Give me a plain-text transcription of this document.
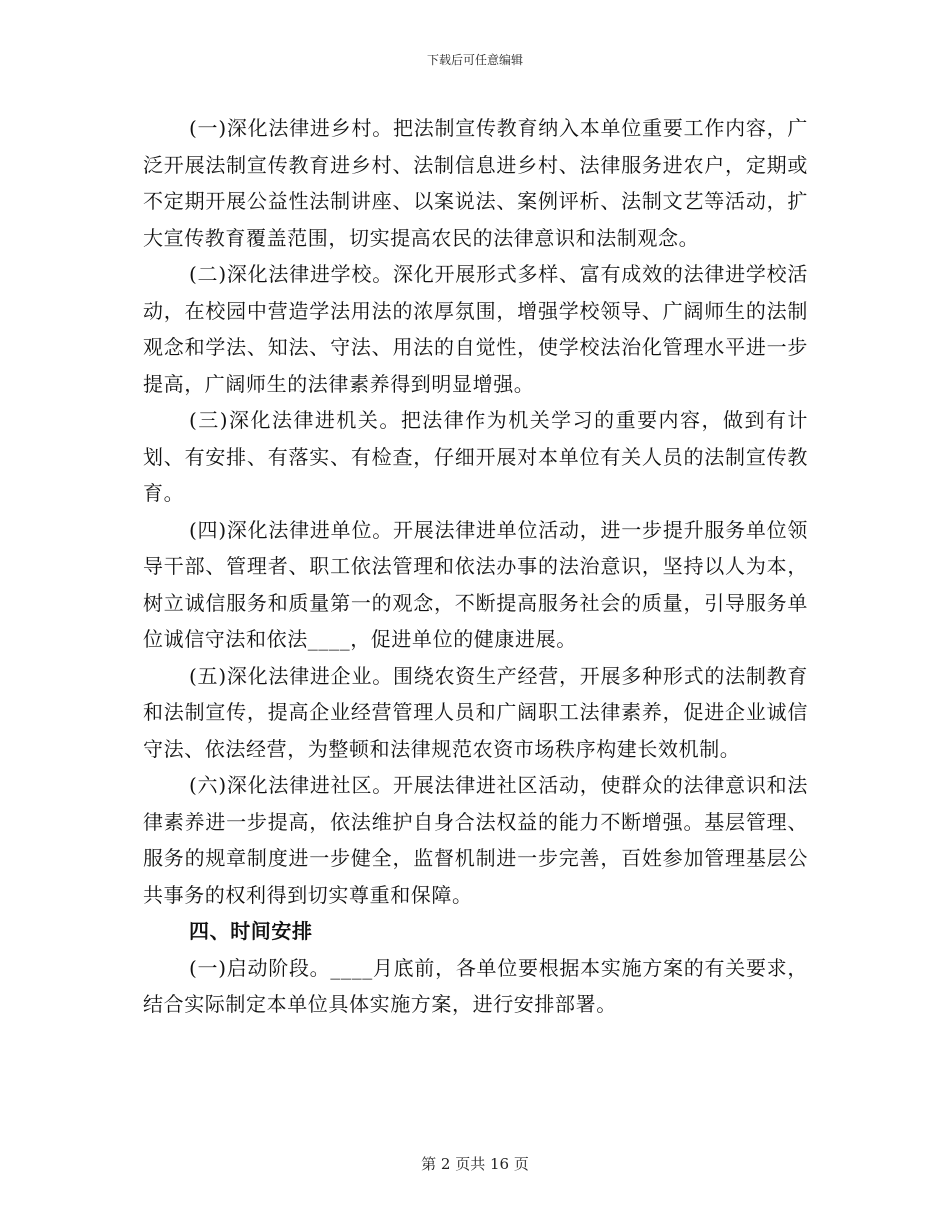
下载后可任意编辑

(一)深化法律进乡村。把法制宣传教育纳入本单位重要工作内容，广泛开展法制宣传教育进乡村、法制信息进乡村、法律服务进农户，定期或不定期开展公益性法制讲座、以案说法、案例评析、法制文艺等活动，扩大宣传教育覆盖范围，切实提高农民的法律意识和法制观念。

(二)深化法律进学校。深化开展形式多样、富有成效的法律进学校活动，在校园中营造学法用法的浓厚氛围，增强学校领导、广阔师生的法制观念和学法、知法、守法、用法的自觉性，使学校法治化管理水平进一步提高，广阔师生的法律素养得到明显增强。

(三)深化法律进机关。把法律作为机关学习的重要内容，做到有计划、有安排、有落实、有检查，仔细开展对本单位有关人员的法制宣传教育。

(四)深化法律进单位。开展法律进单位活动，进一步提升服务单位领导干部、管理者、职工依法管理和依法办事的法治意识，坚持以人为本，树立诚信服务和质量第一的观念，不断提高服务社会的质量，引导服务单位诚信守法和依法____，促进单位的健康进展。

(五)深化法律进企业。围绕农资生产经营，开展多种形式的法制教育和法制宣传，提高企业经营管理人员和广阔职工法律素养，促进企业诚信守法、依法经营，为整顿和法律规范农资市场秩序构建长效机制。

(六)深化法律进社区。开展法律进社区活动，使群众的法律意识和法律素养进一步提高，依法维护自身合法权益的能力不断增强。基层管理、服务的规章制度进一步健全，监督机制进一步完善，百姓参加管理基层公共事务的权利得到切实尊重和保障。

四、时间安排

(一)启动阶段。____月底前，各单位要根据本实施方案的有关要求，结合实际制定本单位具体实施方案，进行安排部署。

第 2 页共 16 页
